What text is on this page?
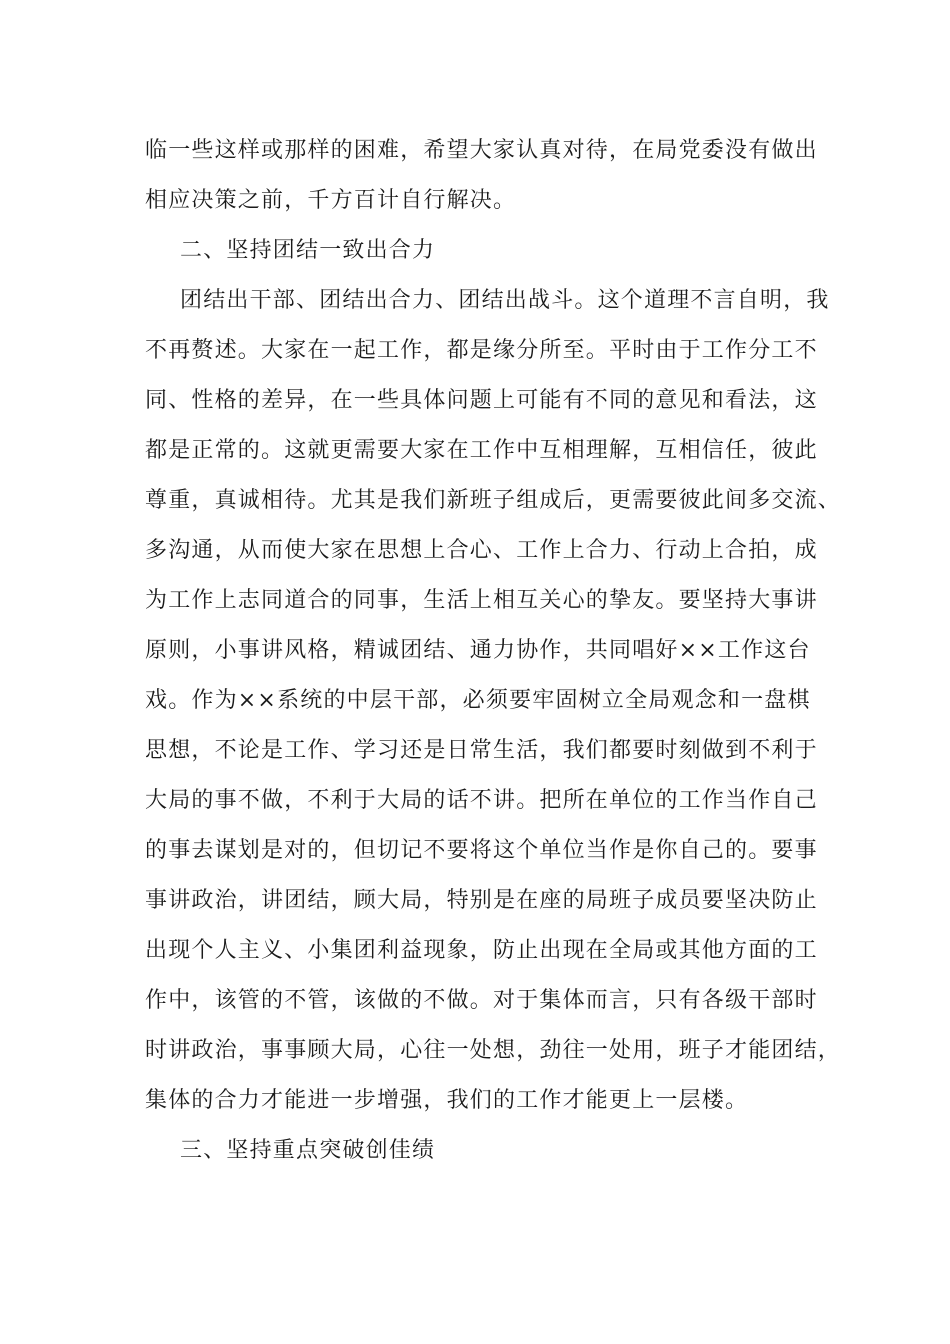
临一些这样或那样的困难，希望大家认真对待，在局党委没有做出
相应决策之前，千方百计自行解决。
二、坚持团结一致出合力
团结出干部、团结出合力、团结出战斗。这个道理不言自明，我
不再赘述。大家在一起工作，都是缘分所至。平时由于工作分工不
同、性格的差异，在一些具体问题上可能有不同的意见和看法，这
都是正常的。这就更需要大家在工作中互相理解，互相信任，彼此
尊重，真诚相待。尤其是我们新班子组成后，更需要彼此间多交流、
多沟通，从而使大家在思想上合心、工作上合力、行动上合拍，成
为工作上志同道合的同事，生活上相互关心的挚友。要坚持大事讲
原则，小事讲风格，精诚团结、通力协作，共同唱好××工作这台
戏。作为××系统的中层干部，必须要牢固树立全局观念和一盘棋
思想，不论是工作、学习还是日常生活，我们都要时刻做到不利于
大局的事不做，不利于大局的话不讲。把所在单位的工作当作自己
的事去谋划是对的，但切记不要将这个单位当作是你自己的。要事
事讲政治，讲团结，顾大局，特别是在座的局班子成员要坚决防止
出现个人主义、小集团利益现象，防止出现在全局或其他方面的工
作中，该管的不管，该做的不做。对于集体而言，只有各级干部时
时讲政治，事事顾大局，心往一处想，劲往一处用，班子才能团结，
集体的合力才能进一步增强，我们的工作才能更上一层楼。
三、坚持重点突破创佳绩
